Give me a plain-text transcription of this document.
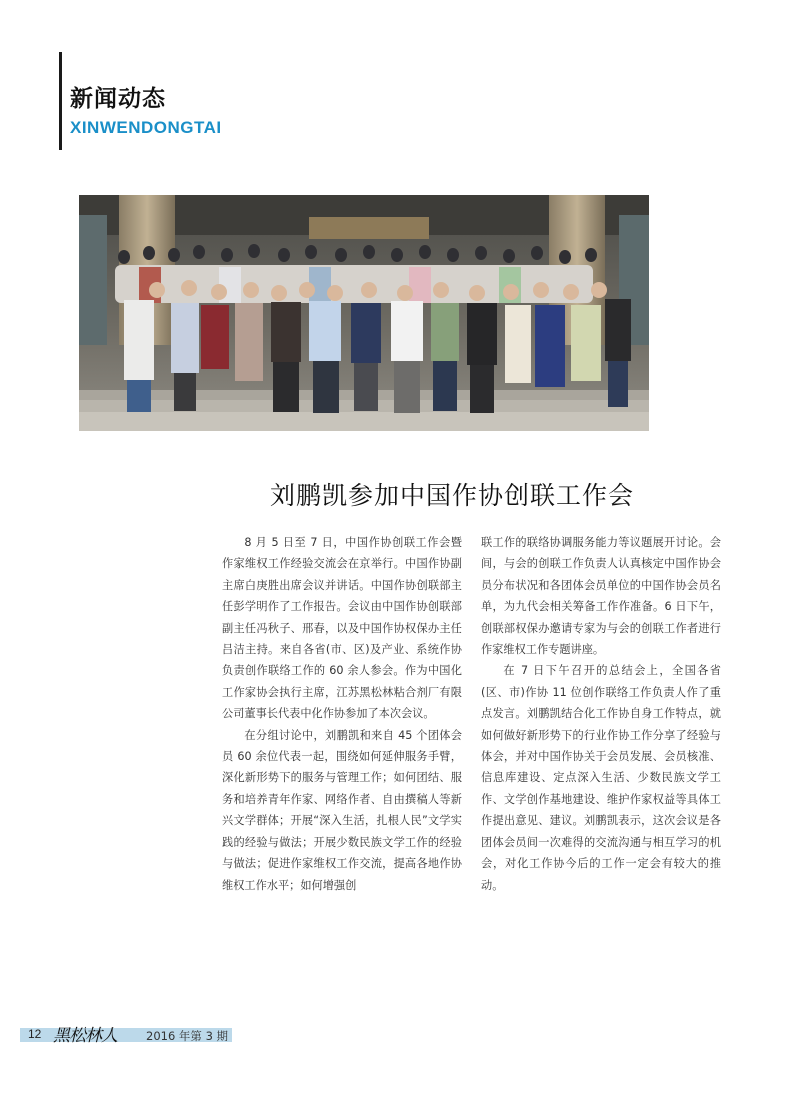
新闻动态
XINWENDONGTAI
刘鹏凯参加中国作协创联工作会

8 月 5 日至 7 日，中国作协创联工作会暨作家维权工作经验交流会在京举行。中国作协副主席白庚胜出席会议并讲话。中国作协创联部主任彭学明作了工作报告。会议由中国作协创联部副主任冯秋子、邢春，以及中国作协权保办主任吕洁主持。来自各省(市、区)及产业、系统作协负责创作联络工作的 60 余人参会。作为中国化工作家协会执行主席，江苏黑松林粘合剂厂有限公司董事长代表中化作协参加了本次会议。

在分组讨论中，刘鹏凯和来自 45 个团体会员 60 余位代表一起，围绕如何延伸服务手臂，深化新形势下的服务与管理工作；如何团结、服务和培养青年作家、网络作者、自由撰稿人等新兴文学群体；开展“深入生活，扎根人民”文学实践的经验与做法；开展少数民族文学工作的经验与做法；促进作家维权工作交流，提高各地作协维权工作水平；如何增强创

联工作的联络协调服务能力等议题展开讨论。会间，与会的创联工作负责人认真核定中国作协会员分布状况和各团体会员单位的中国作协会员名单，为九代会相关筹备工作作准备。6 日下午，创联部权保办邀请专家为与会的创联工作者进行作家维权工作专题讲座。

在 7 日下午召开的总结会上，全国各省(区、市)作协 11 位创作联络工作负责人作了重点发言。刘鹏凯结合化工作协自身工作特点，就如何做好新形势下的行业作协工作分享了经验与体会，并对中国作协关于会员发展、会员核准、信息库建设、定点深入生活、少数民族文学工作、文学创作基地建设、维护作家权益等具体工作提出意见、建议。刘鹏凯表示，这次会议是各团体会员间一次难得的交流沟通与相互学习的机会，对化工作协今后的工作一定会有较大的推动。

12 黑松林人	2016 年第 3 期
